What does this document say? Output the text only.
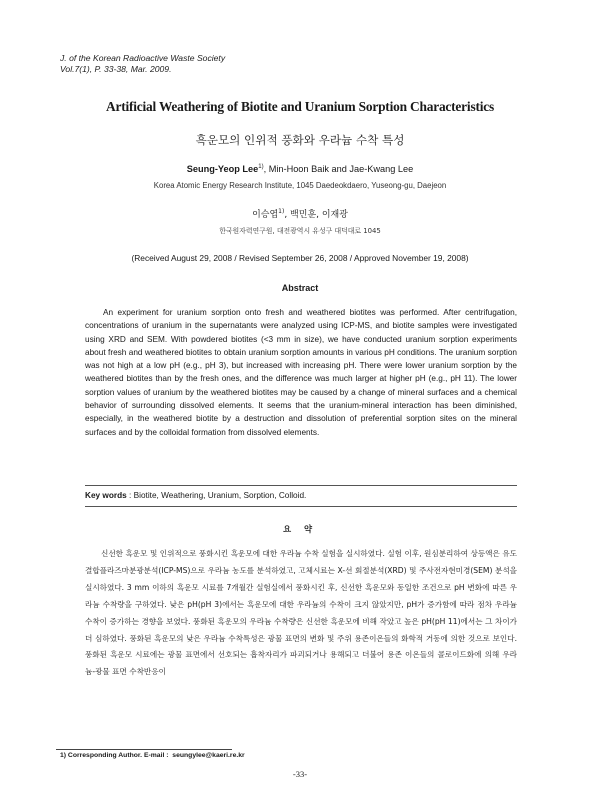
J. of the Korean Radioactive Waste Society
Vol.7(1), P. 33-38, Mar. 2009.
Artificial Weathering of Biotite and Uranium Sorption Characteristics
흑운모의 인위적 풍화와 우라늄 수착 특성
Seung-Yeop Lee$^{1)}$, Min-Hoon Baik and Jae-Kwang Lee
Korea Atomic Energy Research Institute, 1045 Daedeokdaero, Yuseong-gu, Daejeon
이승엽$^{1)}$, 백민훈, 이재광
한국원자력연구원, 대전광역시 유성구 대덕대로 1045
(Received August 29, 2008 / Revised September 26, 2008 / Approved November 19, 2008)
Abstract

An experiment for uranium sorption onto fresh and weathered biotites was performed. After centrifugation, concentrations of uranium in the supernatants were analyzed using ICP-MS, and biotite samples were investigated using XRD and SEM. With powdered biotites (<3 mm in size), we have conducted uranium sorption experiments about fresh and weathered biotites to obtain uranium sorption amounts in various pH conditions. The uranium sorption was not high at a low pH (e.g., pH 3), but increased with increasing pH. There were lower uranium sorption by the weathered biotites than by the fresh ones, and the difference was much larger at higher pH (e.g., pH 11). The lower sorption values of uranium by the weathered biotites may be caused by a change of mineral surfaces and a chemical behavior of surrounding dissolved elements. It seems that the uranium-mineral interaction has been diminished, especially, in the weathered biotite by a destruction and dissolution of preferential sorption sites on the mineral surfaces and by the colloidal formation from dissolved elements.

Key words : Biotite, Weathering, Uranium, Sorption, Colloid.
요 약

신선한 흑운모 및 인위적으로 풍화시킨 흑운모에 대한 우라늄 수착 실험을 실시하였다. 실험 이후, 원심분리하여 상등액은 유도결합플라즈마분광분석(ICP-MS)으로 우라늄 농도를 분석하였고, 고체시료는 X-선 회절분석(XRD) 및 주사전자현미경(SEM) 분석을 실시하였다. 3 mm 이하의 흑운모 시료를 7개월간 실험실에서 풍화시킨 후, 신선한 흑운모와 동일한 조건으로 pH 변화에 따른 우라늄 수착량을 구하였다. 낮은 pH(pH 3)에서는 흑운모에 대한 우라늄의 수착이 크지 않았지만, pH가 증가함에 따라 점차 우라늄 수착이 증가하는 경향을 보였다. 풍화된 흑운모의 우라늄 수착량은 신선한 흑운모에 비해 작았고 높은 pH(pH 11)에서는 그 차이가 더 심하였다. 풍화된 흑운모의 낮은 우라늄 수착특성은 광물 표면의 변화 및 주위 용존이온들의 화학적 거동에 의한 것으로 보인다. 풍화된 흑운모 시료에는 광물 표면에서 선호되는 흡착자리가 파괴되거나 용해되고 더불어 용존 이온들의 콜로이드화에 의해 우라늄-광물 표면 수착반응이

1) Corresponding Author. E-mail : seungylee@kaeri.re.kr
-33-
